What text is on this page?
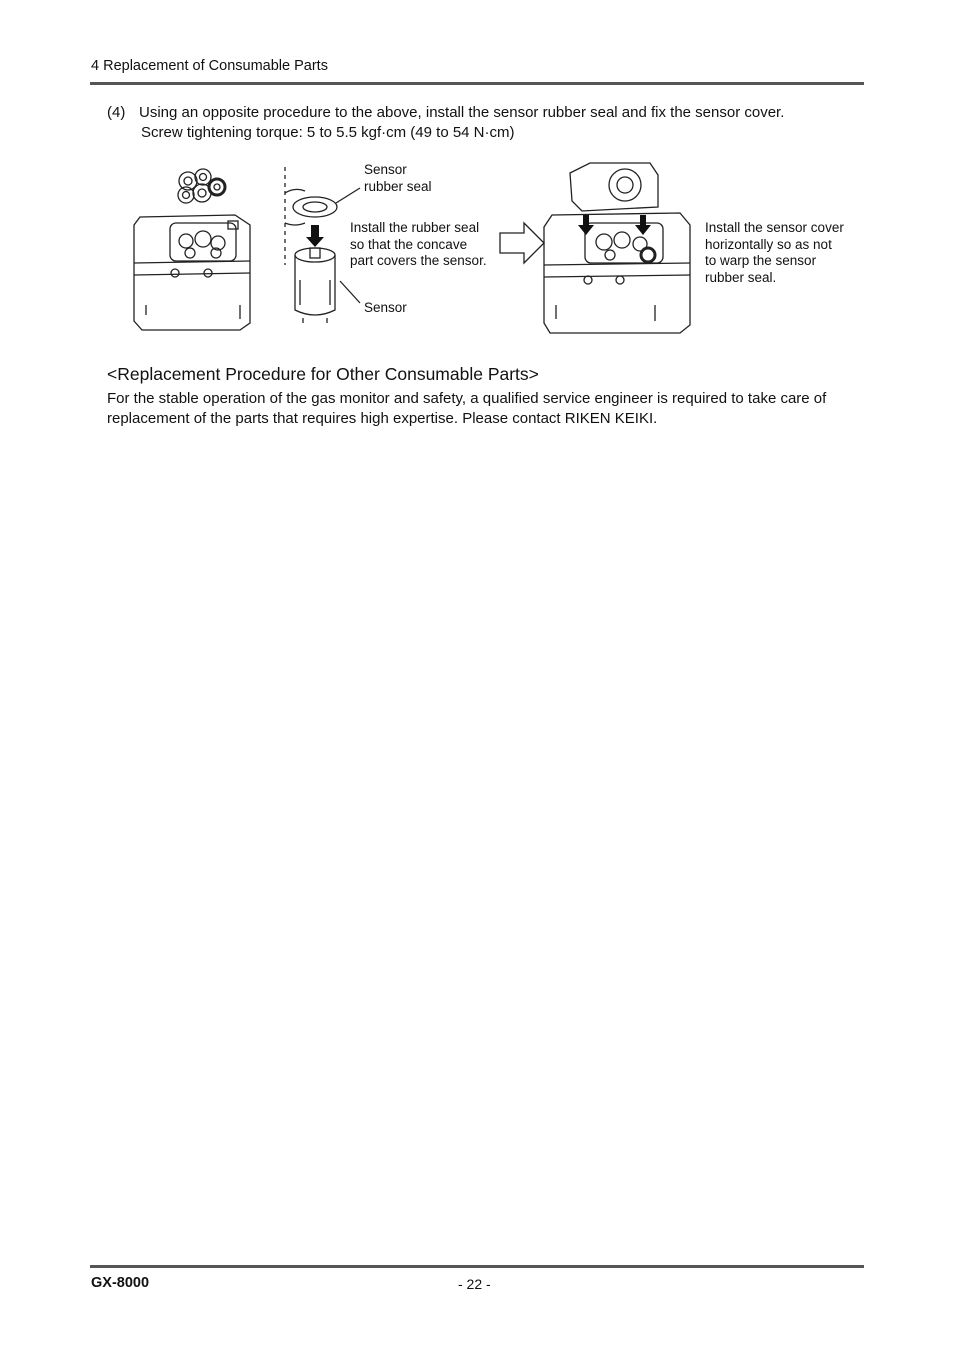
4 Replacement of Consumable Parts
(4) Using an opposite procedure to the above, install the sensor rubber seal and fix the sensor cover.
Screw tightening torque: 5 to 5.5 kgf·cm (49 to 54 N·cm)
Sensor rubber seal
Install the rubber seal so that the concave part covers the sensor.
Sensor
Install the sensor cover horizontally so as not to warp the sensor rubber seal.
<Replacement Procedure for Other Consumable Parts>
For the stable operation of the gas monitor and safety, a qualified service engineer is required to take care of replacement of the parts that requires high expertise. Please contact RIKEN KEIKI.
GX-8000	- 22 -
